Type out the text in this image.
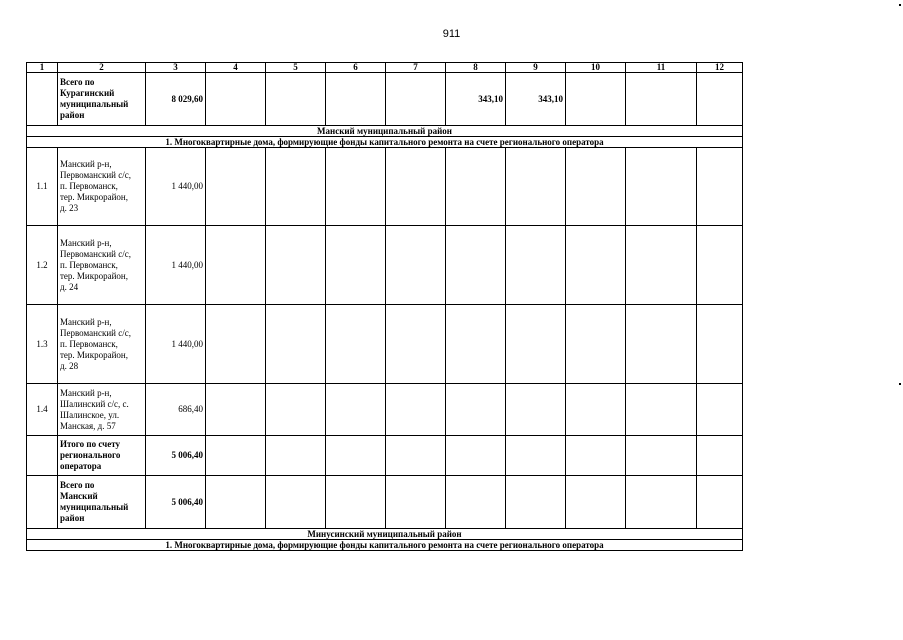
911
1	2	3	4	5	6	7	8	9	10	11	12

	Всего по
Курагинский
муниципальный
район	8 029,60					343,10	343,10			
Манский муниципальный район											
1. Многоквартирные дома, формирующие фонды капитального ремонта на счете регионального оператора											
1.1	Манский р-н,
Первоманский с/с,
п. Первоманск,
тер. Микрорайон,
д. 23	1 440,00									
1.2	Манский р-н,
Первоманский с/с,
п. Первоманск,
тер. Микрорайон,
д. 24	1 440,00									
1.3	Манский р-н,
Первоманский с/с,
п. Первоманск,
тер. Микрорайон,
д. 28	1 440,00									
1.4	Манский р-н,
Шалинский с/с, с.
Шалинское, ул.
Манская, д. 57	686,40									

	Итого по счету
регионального
оператора	5 006,40									

	Всего по
Манский
муниципальный
район	5 006,40									
Минусинский муниципальный район											
1. Многоквартирные дома, формирующие фонды капитального ремонта на счете регионального оператора											
